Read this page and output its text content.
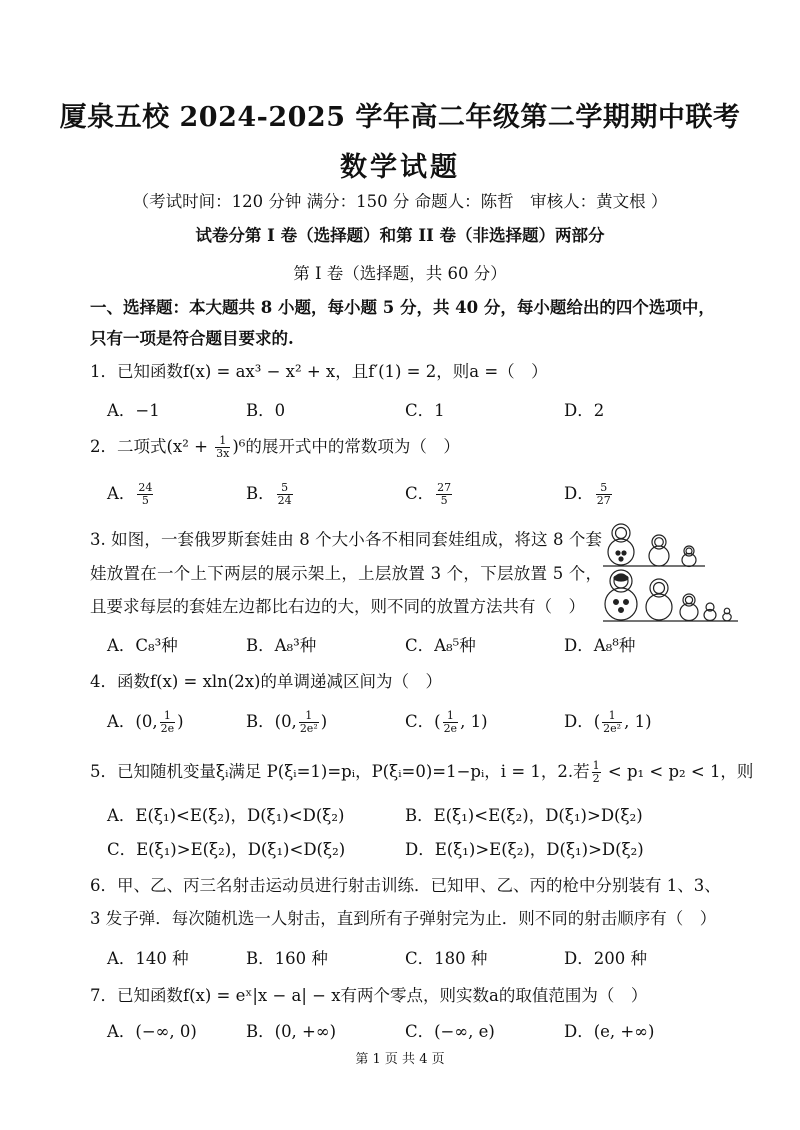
厦泉五校 2024-2025 学年高二年级第二学期期中联考
数学试题
（考试时间：120 分钟 满分：150 分 命题人：陈哲　审核人：黄文根 ）
试卷分第 I 卷（选择题）和第 II 卷（非选择题）两部分
第 I 卷（选择题，共 60 分）
一、选择题：本大题共 8 小题，每小题 5 分，共 40 分，每小题给出的四个选项中，只有一项是符合题目要求的.
1．已知函数f(x) = ax³ − x² + x，且f′(1) = 2，则a =（　）
A．−1	B．0	C．1	D．2
2．二项式$(x^2 + \frac{1}{3x} )^6$的展开式中的常数项为（　）
A． $\frac{24}{5}$	B． $\frac{5}{24}$	C． $\frac{27}{5}$	D． $\frac{5}{27}$
3. 如图，一套俄罗斯套娃由 8 个大小各不相同套娃组成，将这 8 个套娃放置在一个上下两层的展示架上，上层放置 3 个，下层放置 5 个，且要求每层的套娃左边都比右边的大，则不同的放置方法共有（　）
A．C₈³种	B．A₈³种	C．A₈⁵种	D．A₈⁸种
4．函数f(x) = xln(2x)的单调递减区间为（　）
A．(0, $\frac{1}{2e}$ )	B．(0, $\frac{1}{\text{2e²}}$ )	C．( $\frac{1}{2e}$ , 1)	D．( $\frac{1}{\text{2e²}}$ , 1)
5．已知随机变量ξᵢ满足 P(ξᵢ=1)=pᵢ，P(ξᵢ=0)=1−pᵢ，i = 1，2.若 $\frac{1}{2} < p_1 < p_2 < 1$，则
A．E(ξ₁)<E(ξ₂)，D(ξ₁)<D(ξ₂)	B．E(ξ₁)<E(ξ₂)，D(ξ₁)>D(ξ₂)
C．E(ξ₁)>E(ξ₂)，D(ξ₁)<D(ξ₂)	D．E(ξ₁)>E(ξ₂)，D(ξ₁)>D(ξ₂)
6．甲、乙、丙三名射击运动员进行射击训练．已知甲、乙、丙的枪中分别装有 1、3、3 发子弹．每次随机选一人射击，直到所有子弹射完为止．则不同的射击顺序有（　）
A．140 种	B．160 种	C．180 种	D．200 种
7．已知函数f(x) = eˣ|x − a| − x有两个零点，则实数a的取值范围为（　）
A．(−∞, 0)	B．(0, +∞)	C．(−∞, e)	D．(e, +∞)
第 1 页 共 4 页
